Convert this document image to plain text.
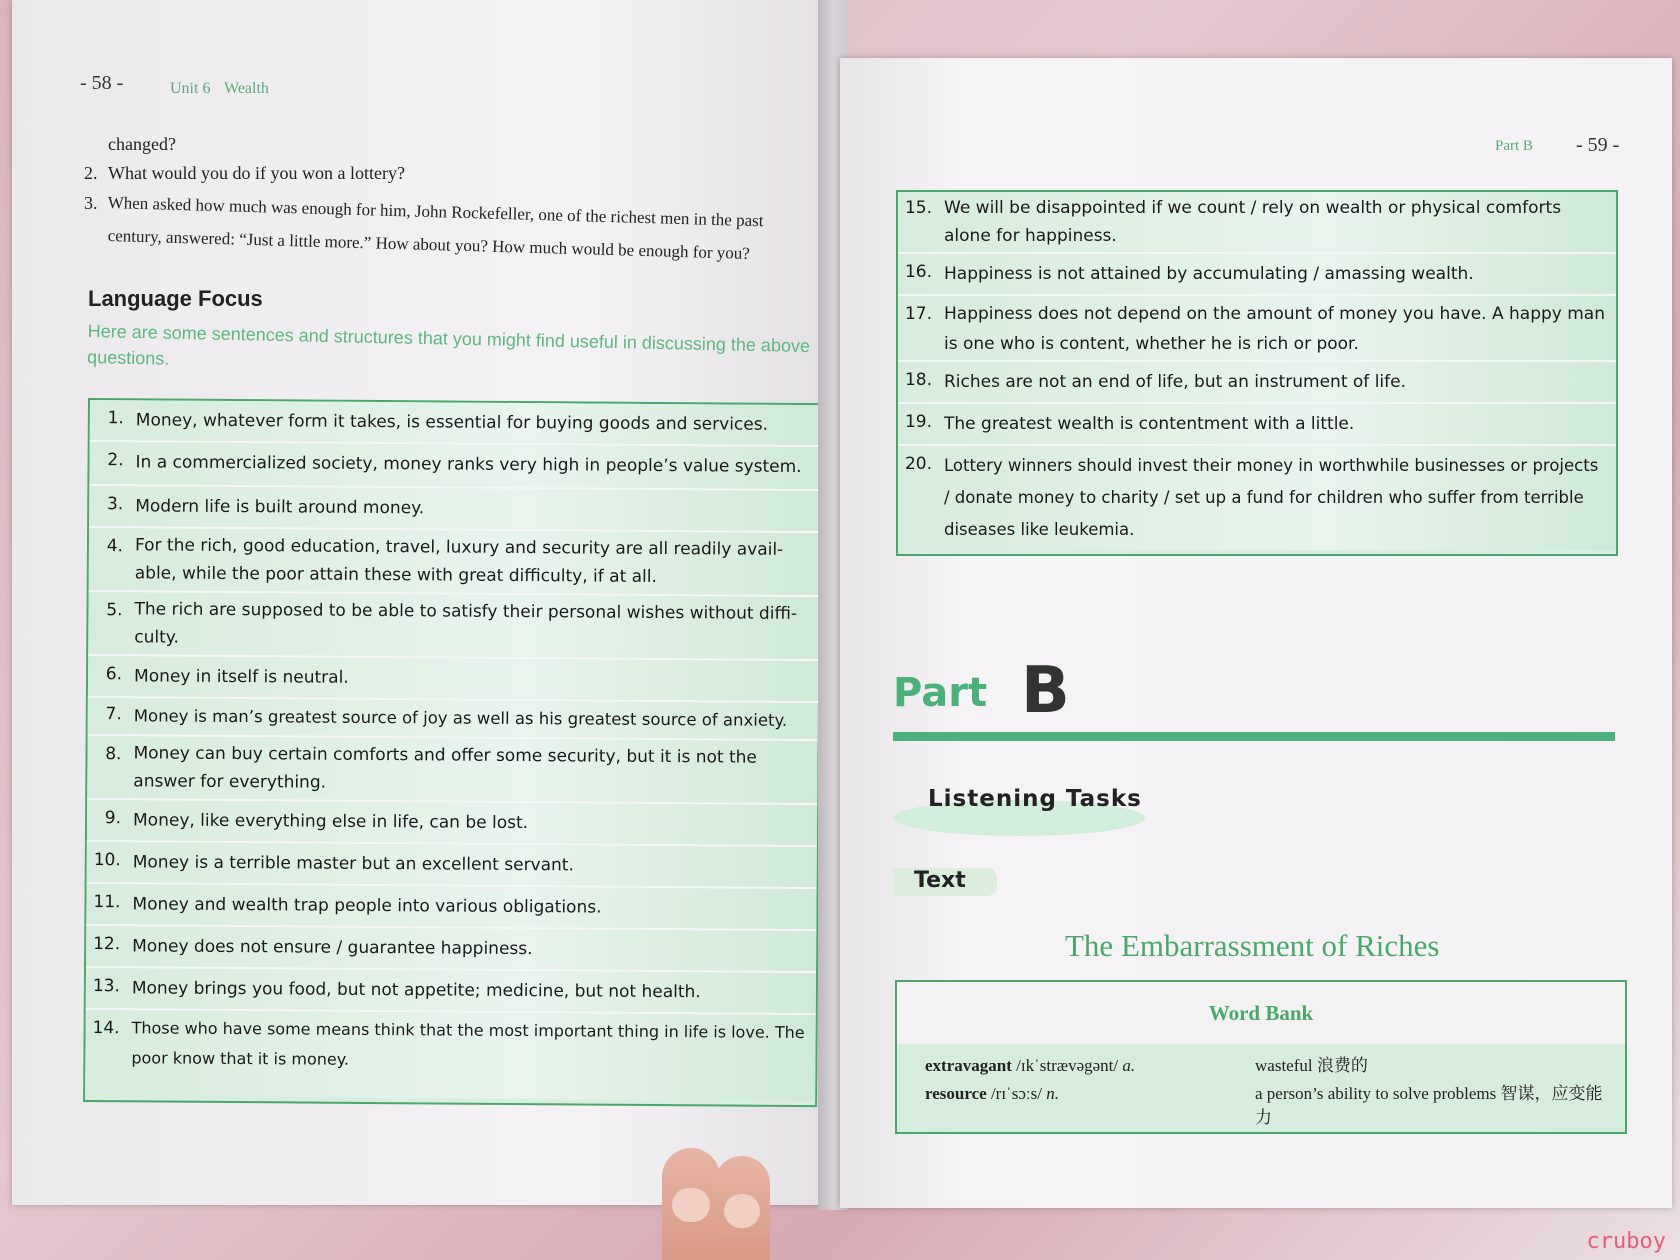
- 58 -	Unit 6 Wealth
changed?
2. What would you do if you won a lottery?
3. When asked how much was enough for him, John Rockefeller, one of the richest men in the past
century, answered: “Just a little more.” How about you? How much would be enough for you?
Language Focus
Here are some sentences and structures that you might find useful in discussing the above questions.
1. Money, whatever form it takes, is essential for buying goods and services.
2. In a commercialized society, money ranks very high in people’s value system.
3. Modern life is built around money.
4. For the rich, good education, travel, luxury and security are all readily avail-able, while the poor attain these with great difficulty, if at all.
5. The rich are supposed to be able to satisfy their personal wishes without diffi-culty.
6. Money in itself is neutral.
7. Money is man’s greatest source of joy as well as his greatest source of anxiety.
8. Money can buy certain comforts and offer some security, but it is not the answer for everything.
9. Money, like everything else in life, can be lost.
10. Money is a terrible master but an excellent servant.
11. Money and wealth trap people into various obligations.
12. Money does not ensure / guarantee happiness.
13. Money brings you food, but not appetite; medicine, but not health.
14. Those who have some means think that the most important thing in life is love. The poor know that it is money.
Part B - 59 -
15. We will be disappointed if we count / rely on wealth or physical comforts alone for happiness.
16. Happiness is not attained by accumulating / amassing wealth.
17. Happiness does not depend on the amount of money you have. A happy man is one who is content, whether he is rich or poor.
18. Riches are not an end of life, but an instrument of life.
19. The greatest wealth is contentment with a little.
20. Lottery winners should invest their money in worthwhile businesses or projects / donate money to charity / set up a fund for children who suffer from terrible diseases like leukemia.
Part B
Listening Tasks
Text
The Embarrassment of Riches
Word Bank
extravagant /ɪkˈstrævəgənt/ a.	wasteful 浪费的
resource /rɪˈsɔːs/ n.	a person’s ability to solve problems 智谋，应变能力
cruboy
